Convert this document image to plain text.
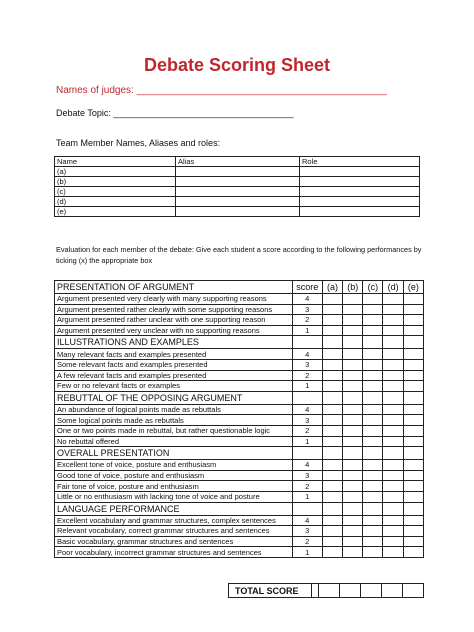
Debate Scoring Sheet
Names of judges: _____________________________________________
Debate Topic: ____________________________________
Team Member Names, Aliases and roles:
Name	Alias	Role
(a)		
(b)		
(c)		
(d)		
(e)		
Evaluation for each member of the debate: Give each student a score according to the following performances by ticking (x) the appropriate box
PRESENTATION OF ARGUMENT	score	(a)	(b)	(c)	(d)	(e)
Argument presented very clearly with many supporting reasons	4					
Argument presented rather clearly with some supporting reasons	3					
Argument presented rather unclear with one supporting reason	2					
Argument presented very unclear with no supporting reasons	1					
ILLUSTRATIONS AND EXAMPLES						
Many relevant facts and examples presented	4					
Some relevant facts and examples presented	3					
A few relevant facts and examples presented	2					
Few or no relevant facts or examples	1					
REBUTTAL OF THE OPPOSING ARGUMENT						
An abundance of logical points made as rebuttals	4					
Some logical points made as rebuttals	3					
One or two points made in rebuttal, but rather questionable logic	2					
No rebuttal offered	1					
OVERALL PRESENTATION						
Excellent tone of voice, posture and enthusiasm	4					
Good tone of voice, posture and enthusiasm	3					
Fair tone of voice, posture and enthusiasm	2					
Little or no enthusiasm with lacking tone of voice and posture	1					
LANGUAGE PERFORMANCE						
Excellent vocabulary and grammar structures, complex sentences	4					
Relevant vocabulary, correct grammar structures and sentences	3					
Basic vocabulary, grammar structures and sentences	2					
Poor vocabulary, incorrect grammar structures and sentences	1					
TOTAL SCORE						
